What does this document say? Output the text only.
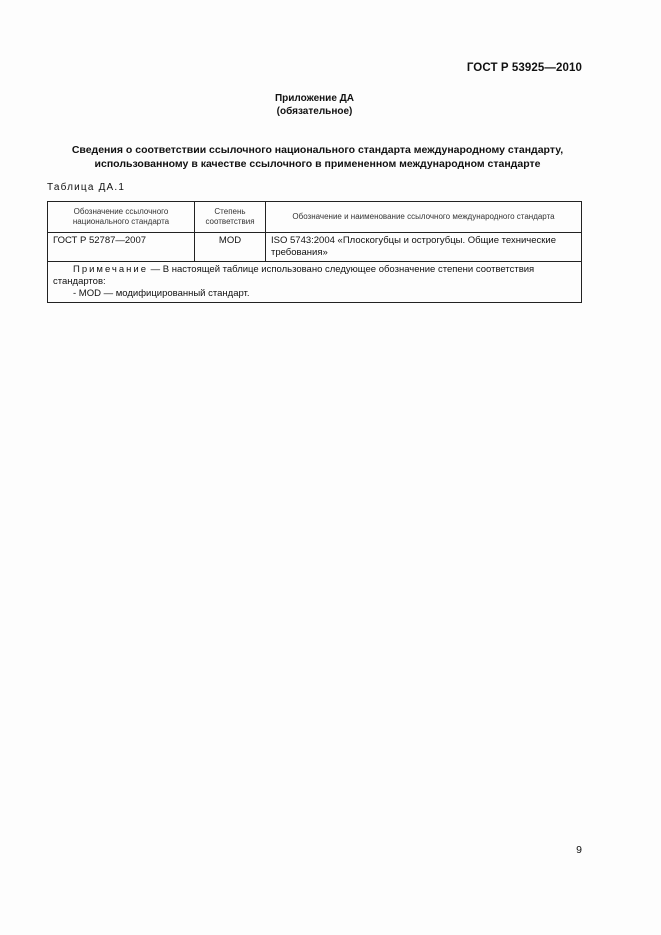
ГОСТ Р 53925—2010
Приложение ДА
(обязательное)
Сведения о соответствии ссылочного национального стандарта международному стандарту,
использованному в качестве ссылочного в примененном международном стандарте
Таблица ДА.1
Обозначение ссылочного национального стандарта	Степень соответствия	Обозначение и наименование ссылочного международного стандарта
ГОСТ Р 52787—2007	MOD	ISO 5743:2004 «Плоскогубцы и острогубцы. Общие технические требования»
Примечание — В настоящей таблице использовано следующее обозначение степени соответствия стандартов:
- MOD — модифицированный стандарт.		
9
